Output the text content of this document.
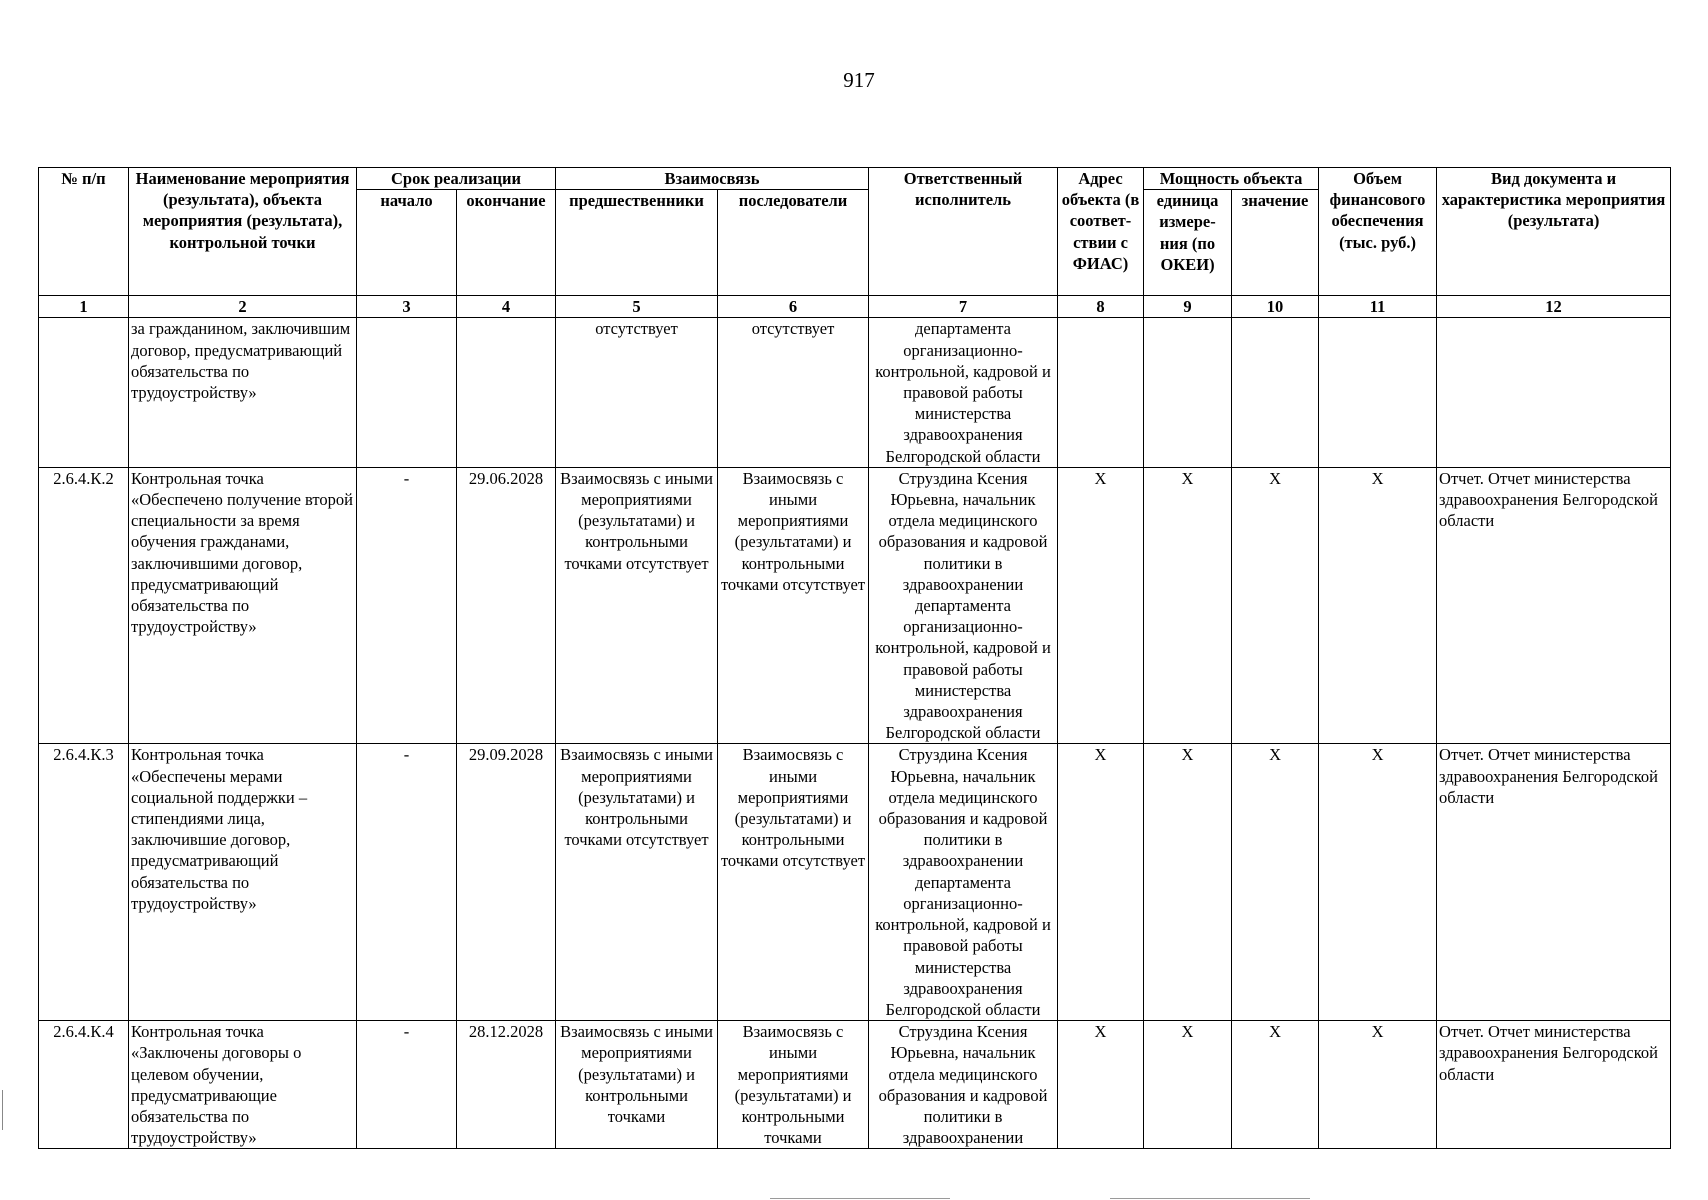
917
№ п/п	Наименование мероприятия (результата), объекта мероприятия (результата), контрольной точки	Срок реализации		Взаимосвязь		Ответственный исполнитель	Адрес объекта (в соответ-ствии с ФИАС)	Мощность объекта		Объем финансового обеспечения (тыс. руб.)	Вид документа и характеристика мероприятия (результата)
		начало	окончание	предшественники	последователи			единица измере-ния (по ОКЕИ)	значение		
1	2	3	4	5	6	7	8	9	10	11	12
	за гражданином, заключившим договор, предусматривающий обязательства по трудоустройству»			отсутствует	отсутствует	департамента организационно-контрольной, кадровой и правовой работы министерства здравоохранения Белгородской области					
2.6.4.К.2	Контрольная точка «Обеспечено получение второй специальности за время обучения гражданами, заключившими договор, предусматривающий обязательства по трудоустройству»	-	29.06.2028	Взаимосвязь с иными мероприятиями (результатами) и контрольными точками отсутствует	Взаимосвязь с иными мероприятиями (результатами) и контрольными точками отсутствует	Струздина Ксения Юрьевна, начальник отдела медицинского образования и кадровой политики в здравоохранении департамента организационно-контрольной, кадровой и правовой работы министерства здравоохранения Белгородской области	Х	Х	Х	Х	Отчет. Отчет министерства здравоохранения Белгородской области
2.6.4.К.3	Контрольная точка «Обеспечены мерами социальной поддержки – стипендиями лица, заключившие договор, предусматривающий обязательства по трудоустройству»	-	29.09.2028	Взаимосвязь с иными мероприятиями (результатами) и контрольными точками отсутствует	Взаимосвязь с иными мероприятиями (результатами) и контрольными точками отсутствует	Струздина Ксения Юрьевна, начальник отдела медицинского образования и кадровой политики в здравоохранении департамента организационно-контрольной, кадровой и правовой работы министерства здравоохранения Белгородской области	Х	Х	Х	Х	Отчет. Отчет министерства здравоохранения Белгородской области
2.6.4.К.4	Контрольная точка «Заключены договоры о целевом обучении, предусматривающие обязательства по трудоустройству»	-	28.12.2028	Взаимосвязь с иными мероприятиями (результатами) и контрольными точками	Взаимосвязь с иными мероприятиями (результатами) и контрольными точками	Струздина Ксения Юрьевна, начальник отдела медицинского образования и кадровой политики в здравоохранении	Х	Х	Х	Х	Отчет. Отчет министерства здравоохранения Белгородской области
